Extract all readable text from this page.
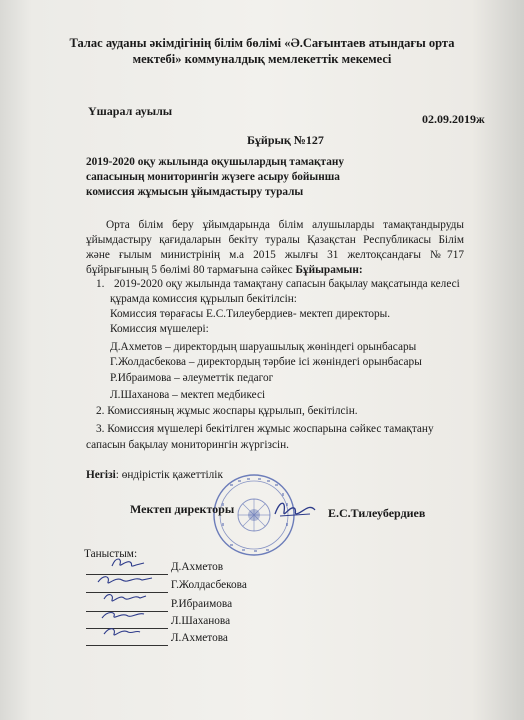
Талас ауданы әкімдігінің білім бөлімі «Ә.Сағынтаев атындағы орта
мектебі» коммуналдық мемлекеттік мекемесі
Үшарал ауылы
02.09.2019ж
Бұйрық №127
2019-2020 оқу жылында оқушылардың тамақтану
сапасының мониторингін жүзеге асыру бойынша
комиссия жұмысын ұйымдастыру туралы
Орта білім беру ұйымдарында білім алушыларды тамақтандыруды
ұйымдастыру қағидаларын бекіту туралы Қазақстан Республикасы Білім
және ғылым министрінің м.а 2015 жылғы 31 желтоқсандағы №717
бұйрығының 5 бөлімі 80 тармағына сәйкес Бұйырамын:
1. 2019-2020 оқу жылында тамақтану сапасын бақылау мақсатында келесі
құрамда комиссия құрылып бекітілсін:
Комиссия төрағасы Е.С.Тилеубердиев- мектеп директоры.
Комиссия мүшелері:
Д.Ахметов – директордың шаруашылық жөніндегі орынбасары
Г.Жолдасбекова – директордың тәрбие ісі жөніндегі орынбасары
Р.Ибраимова – әлеуметтік педагог
Л.Шаханова – мектеп медбикесі
2. Комиссияның жұмыс жоспары құрылып, бекітілсін.
3. Комиссия мүшелері бекітілген жұмыс жоспарына сәйкес тамақтану
сапасын бақылау мониторингін жүргізсін.
Негізі: өндірістік қажеттілік
Мектеп директоры	Е.С.Тилеубердиев
Таныстым:
Д.Ахметов
Г.Жолдасбекова
Р.Ибраимова
Л.Шаханова
Л.Ахметова
